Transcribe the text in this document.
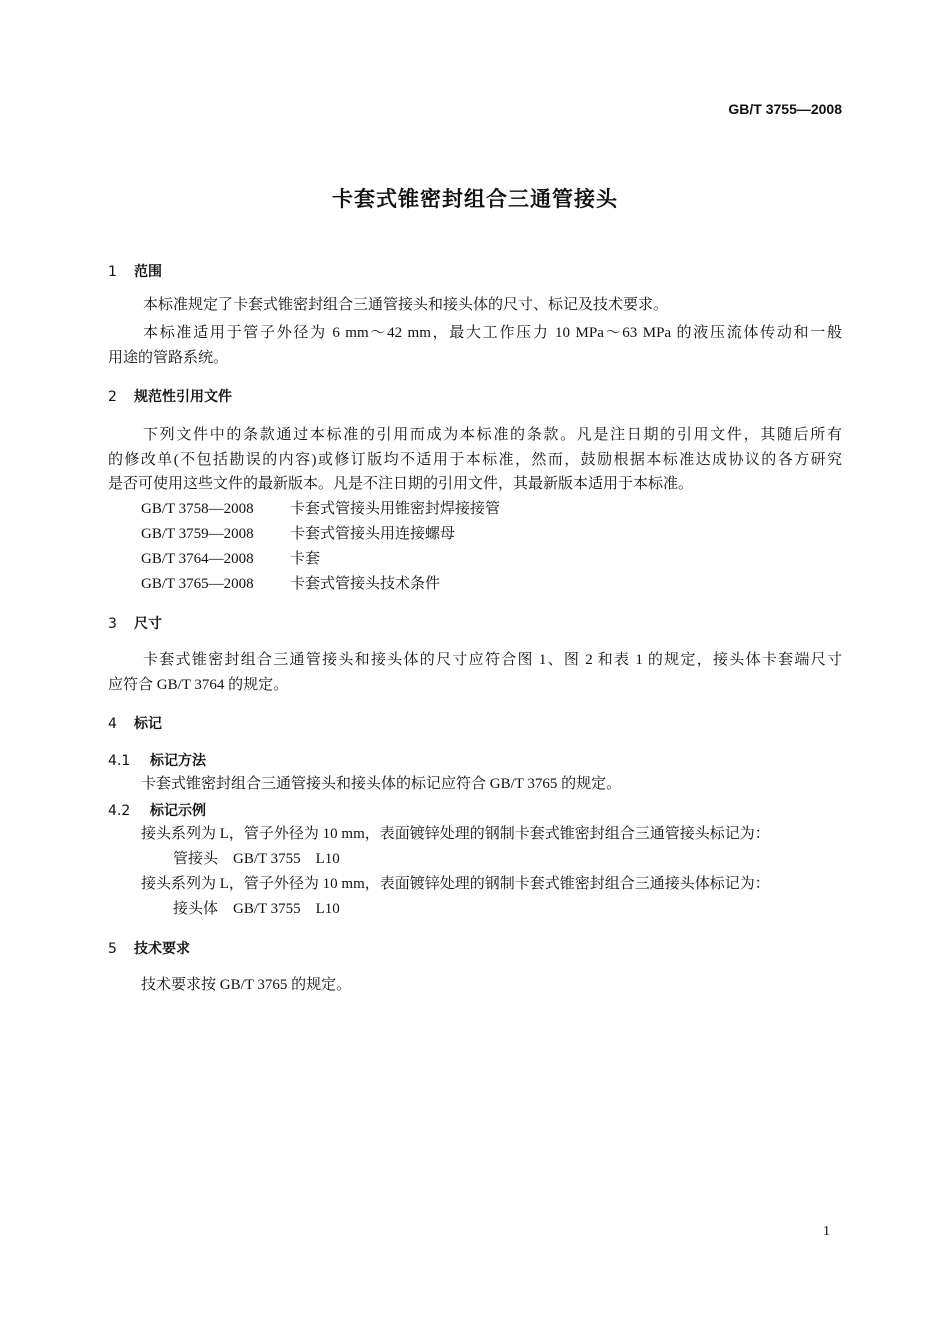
GB/T 3755—2008
卡套式锥密封组合三通管接头
1 范围
本标准规定了卡套式锥密封组合三通管接头和接头体的尺寸、标记及技术要求。
本标准适用于管子外径为 6 mm～42 mm，最大工作压力 10 MPa～63 MPa 的液压流体传动和一般
用途的管路系统。
2 规范性引用文件
下列文件中的条款通过本标准的引用而成为本标准的条款。凡是注日期的引用文件，其随后所有
的修改单(不包括勘误的内容)或修订版均不适用于本标准，然而，鼓励根据本标准达成协议的各方研究
是否可使用这些文件的最新版本。凡是不注日期的引用文件，其最新版本适用于本标准。
GB/T 3758—2008 卡套式管接头用锥密封焊接接管
GB/T 3759—2008 卡套式管接头用连接螺母
GB/T 3764—2008 卡套
GB/T 3765—2008 卡套式管接头技术条件
3 尺寸
卡套式锥密封组合三通管接头和接头体的尺寸应符合图 1、图 2 和表 1 的规定，接头体卡套端尺寸
应符合 GB/T 3764 的规定。
4 标记
4.1 标记方法
卡套式锥密封组合三通管接头和接头体的标记应符合 GB/T 3765 的规定。
4.2 标记示例
接头系列为 L，管子外径为 10 mm，表面镀锌处理的钢制卡套式锥密封组合三通管接头标记为：
管接头　GB/T 3755　L10
接头系列为 L，管子外径为 10 mm，表面镀锌处理的钢制卡套式锥密封组合三通接头体标记为：
接头体　GB/T 3755　L10
5 技术要求
技术要求按 GB/T 3765 的规定。
1
